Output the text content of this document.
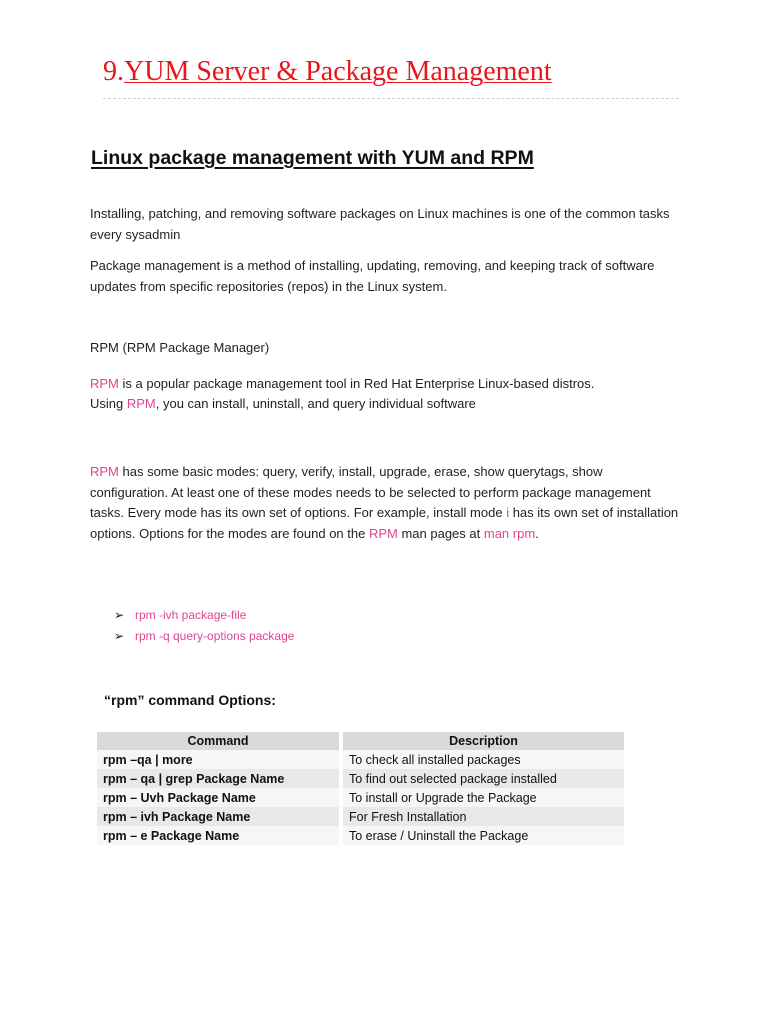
9.YUM Server & Package Management
Linux package management with YUM and RPM

Installing, patching, and removing software packages on Linux machines is one of the common tasks every sysadmin

Package management is a method of installing, updating, removing, and keeping track of software updates from specific repositories (repos) in the Linux system.

RPM (RPM Package Manager)

RPM is a popular package management tool in Red Hat Enterprise Linux-based distros.
Using RPM, you can install, uninstall, and query individual software

RPM has some basic modes: query, verify, install, upgrade, erase, show querytags, show configuration. At least one of these modes needs to be selected to perform package management tasks. Every mode has its own set of options. For example, install mode i has its own set of installation options. Options for the modes are found on the RPM man pages at man rpm.

➢ rpm -ivh package-file
➢ rpm -q query-options package
“rpm” command Options:
Command	Description
rpm –qa | more	To check all installed packages
rpm – qa | grep Package Name	To find out selected package installed
rpm – Uvh Package Name	To install or Upgrade the Package
rpm – ivh Package Name	For Fresh Installation
rpm – e Package Name	To erase / Uninstall the Package
